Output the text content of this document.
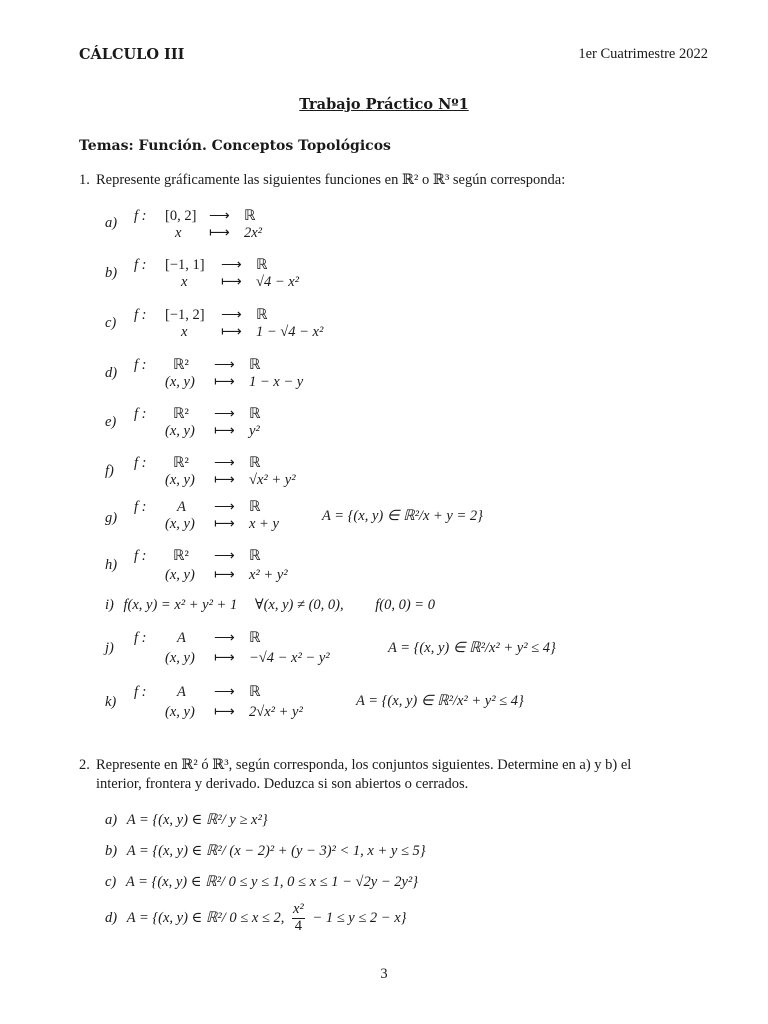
CÁLCULO III	1er Cuatrimestre 2022
Trabajo Práctico Nº1
Temas: Función. Conceptos Topológicos
1. Represente gráficamente las siguientes funciones en ℝ² o ℝ³ según corresponda:
a) f : [0, 2] ⟶ ℝ
x ⟼ 2x²
b) f : [−1, 1] ⟶ ℝ
x ⟼ √4 − x²
c) f : [−1, 2] ⟶ ℝ
x ⟼ 1 − √4 − x²
d) f : ℝ² ⟶ ℝ
(x, y) ⟼ 1 − x − y
e) f : ℝ² ⟶ ℝ
(x, y) ⟼ y²
f) f : ℝ² ⟶ ℝ
(x, y) ⟼ √x² + y²
g)
f : A ⟶ ℝ
(x, y) ⟼ x + y	A = {(x, y) ∈ ℝ²/x + y = 2}
h)
f : ℝ² ⟶ ℝ
(x, y) ⟼ x² + y²
j)
f : A ⟶ ℝ
(x, y) ⟼ −√4 − x² − y²
A = {(x, y) ∈ ℝ²/x² + y² ≤ 4}
k)
f : A ⟶ ℝ
(x, y) ⟼ 2√x² + y²
A = {(x, y) ∈ ℝ²/x² + y² ≤ 4}
i) f(x, y) = x² + y² + 1 ∀(x, y) ≠ (0, 0), f(0, 0) = 0
2. Represente en ℝ² ó ℝ³, según corresponda, los conjuntos siguientes. Determine en a) y b) el
interior, frontera y derivado. Deduzca si son abiertos o cerrados.
a) A = {(x, y) ∈ ℝ²/ y ≥ x²}
b) A = {(x, y) ∈ ℝ²/ (x − 2)² + (y − 3)² < 1, x + y ≤ 5}
c) A = {(x, y) ∈ ℝ²/ 0 ≤ y ≤ 1, 0 ≤ x ≤ 1 − √2y − 2y²}
d) A = {(x, y) ∈ ℝ²/ 0 ≤ x ≤ 2, $\frac{\text{x²}}{4} - 1 \le y \le 2 - x$}
3
